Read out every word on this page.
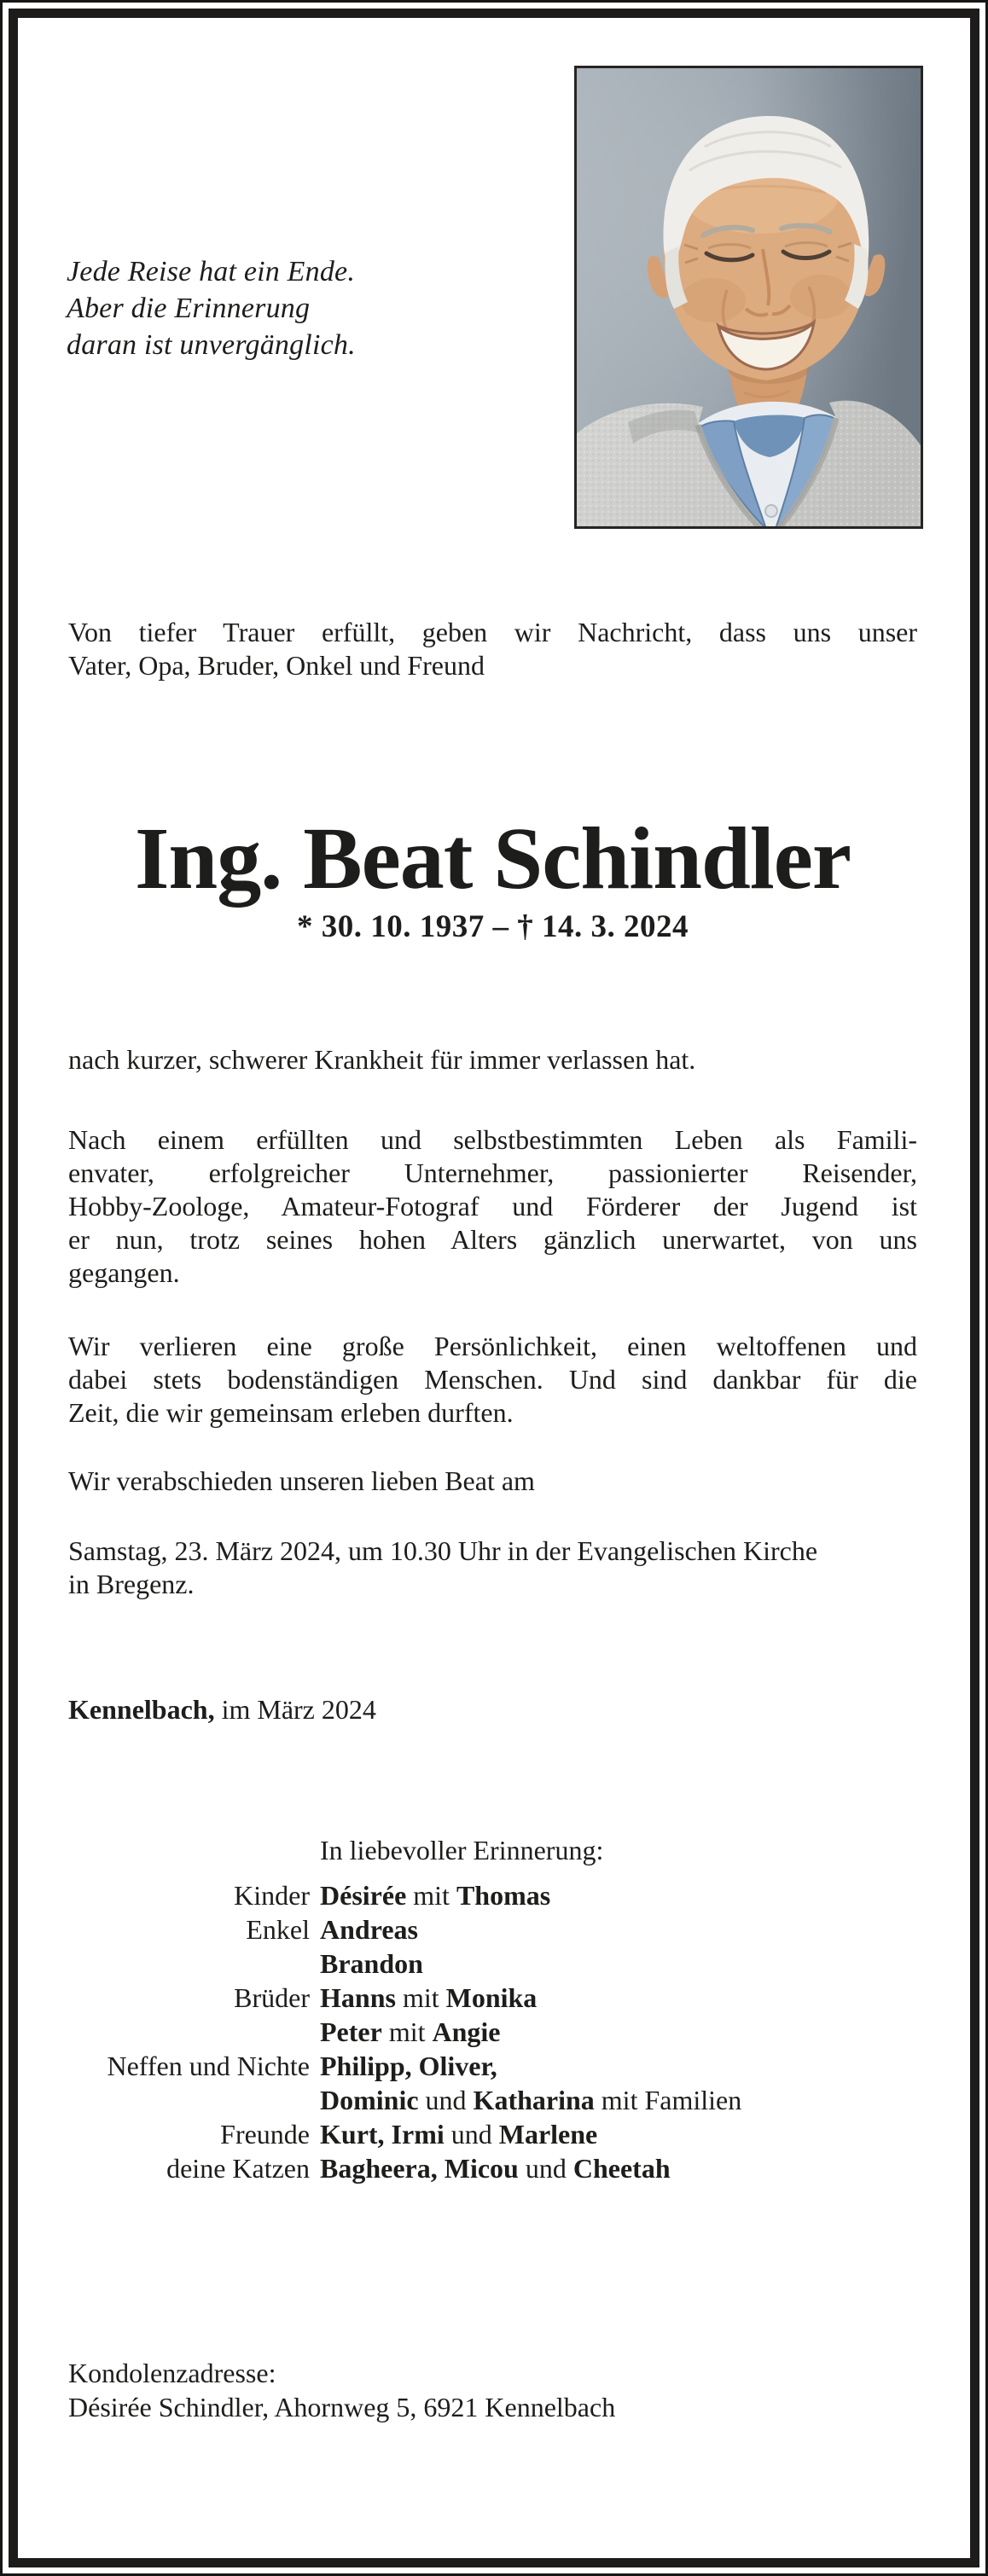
Jede Reise hat ein Ende.
Aber die Erinnerung
daran ist unvergänglich.
Von tiefer Trauer erfüllt, geben wir Nachricht, dass uns unser
Vater, Opa, Bruder, Onkel und Freund
Ing. Beat Schindler
* 30. 10. 1937 – † 14. 3. 2024
nach kurzer, schwerer Krankheit für immer verlassen hat.
Nach einem erfüllten und selbstbestimmten Leben als Famili-
envater, erfolgreicher Unternehmer, passionierter Reisender,
Hobby-Zoologe, Amateur-Fotograf und Förderer der Jugend ist
er nun, trotz seines hohen Alters gänzlich unerwartet, von uns
gegangen.
Wir verlieren eine große Persönlichkeit, einen weltoffenen und
dabei stets bodenständigen Menschen. Und sind dankbar für die
Zeit, die wir gemeinsam erleben durften.
Wir verabschieden unseren lieben Beat am
Samstag, 23. März 2024, um 10.30 Uhr in der Evangelischen Kirche
in Bregenz.
Kennelbach, im März 2024
In liebevoller Erinnerung:
Kinder Désirée mit Thomas
Enkel Andreas
Brandon
Brüder Hanns mit Monika
Peter mit Angie
Neffen und Nichte Philipp, Oliver,
Dominic und Katharina mit Familien
Freunde Kurt, Irmi und Marlene
deine Katzen Bagheera, Micou und Cheetah
Kondolenzadresse:
Désirée Schindler, Ahornweg 5, 6921 Kennelbach
